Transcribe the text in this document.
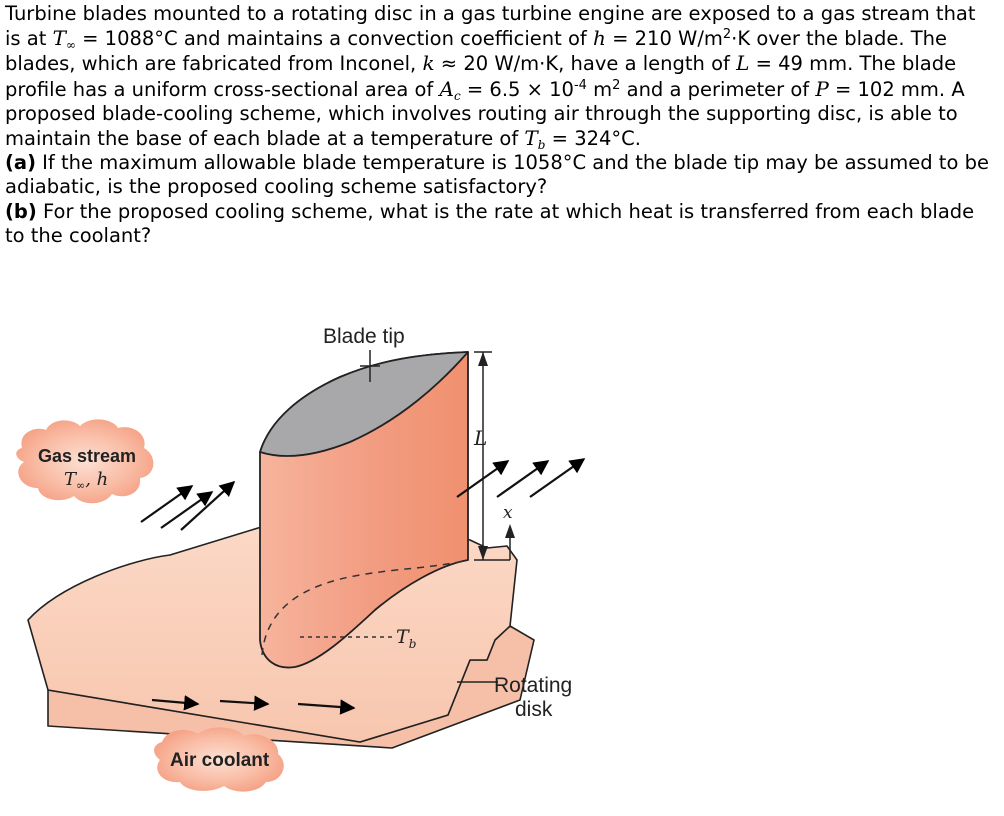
Turbine blades mounted to a rotating disc in a gas turbine engine are exposed to a gas stream that is at $T_\infty = 1088^\circ C$ and maintains a convection coefficient of h = 210 $W/m^2\cdot K$ over the blade. The blades, which are fabricated from Inconel, k ≈ 20 W/m·K, have a length of L = 49 mm. The blade profile has a uniform cross-sectional area of $A_c = 6.5 \times 10^{-4}$ $m^2$ and a perimeter of P = 102 mm. A proposed blade-cooling scheme, which involves routing air through the supporting disc, is able to maintain the base of each blade at a temperature of $T_b = 324^\circ C$.

(a) If the maximum allowable blade temperature is 1058°C and the blade tip may be assumed to be adiabatic, is the proposed cooling scheme satisfactory?

(b) For the proposed cooling scheme, what is the rate at which heat is transferred from each blade to the coolant?

Blade tip
L
x
$T_b$
Gas stream
$T_\infty$, h
Rotating
disk
Air coolant
